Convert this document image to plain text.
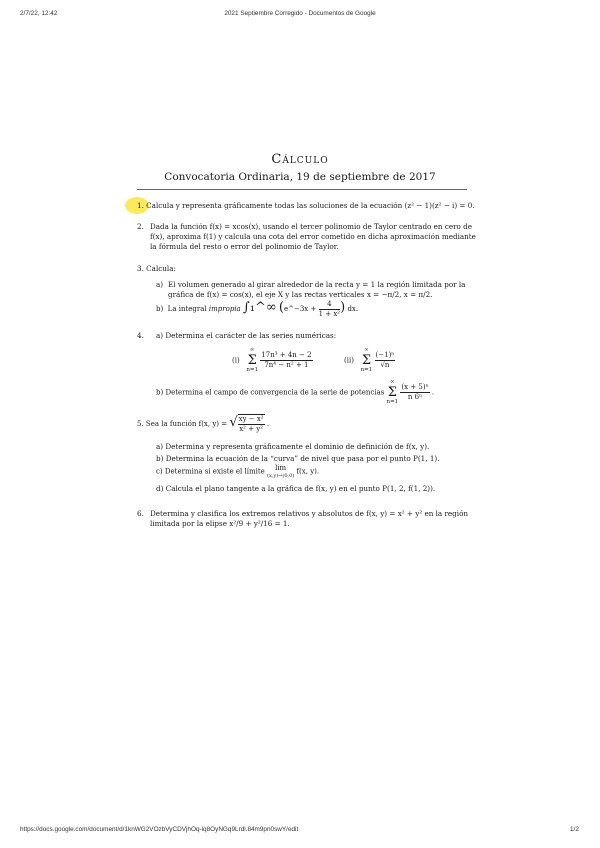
2/7/22, 12:42	2021 Septiembre Corregido - Documentos de Google
Cálculo
Convocatoria Ordinaria, 19 de septiembre de 2017
1. Calcula y representa gráficamente todas las soluciones de la ecuación (z² − 1)(z² − i) = 0.
2. Dada la función f(x) = xcos(x), usando el tercer polinomio de Taylor centrado en cero de
f(x), aproxima f(1) y calcula una cota del error cometido en dicha aproximación mediante
la fórmula del resto o error del polinomio de Taylor.
3. Calcula:
a) El volumen generado al girar alrededor de la recta y = 1 la región limitada por la
gráfica de f(x) = cos(x), el eje X y las rectas verticales x = −π/2, x = π/2.
b) La integral impropia ∫₁^∞ (e^−3x + $\frac{4}{\text{1 + x²}}$ ) dx.
4. a) Determina el carácter de las series numéricas:
(i)
∞
Σ
n=1
$\frac{\text{17n³ + 4n − 2}}{\text{7n⁴ − n² + 1}}$	(ii)
∞
Σ
n=1
$\frac{\text{(−1)ⁿ}}{√n}$
b) Determina el campo de convergencia de la serie de potencias
∞
Σ
n=1
$\frac{\text{(x + 5)ⁿ}}{\text{n 6ⁿ}}$ .
5. Sea la función f(x, y) = √ $\frac{\text{xy − x²}}{\text{x² + y²}}$ .
a) Determina y representa gráficamente el dominio de definición de f(x, y).
b) Determina la ecuación de la “curva” de nivel que pasa por el punto P(1, 1).
c) Determina si existe el límite	lim
(x,y)→(0,0)
f(x, y).
d) Calcula el plano tangente a la gráfica de f(x, y) en el punto P(1, 2, f(1, 2)).
6. Determina y clasifica los extremos relativos y absolutos de f(x, y) = x² + y² en la región
limitada por la elipse x²/9 + y²/16 = 1.
https://docs.google.com/document/d/1knWG2VOzbVyCDVjhOq-lq8OyNGq9Lrdl.84m9pn0swY/edit	1/2
